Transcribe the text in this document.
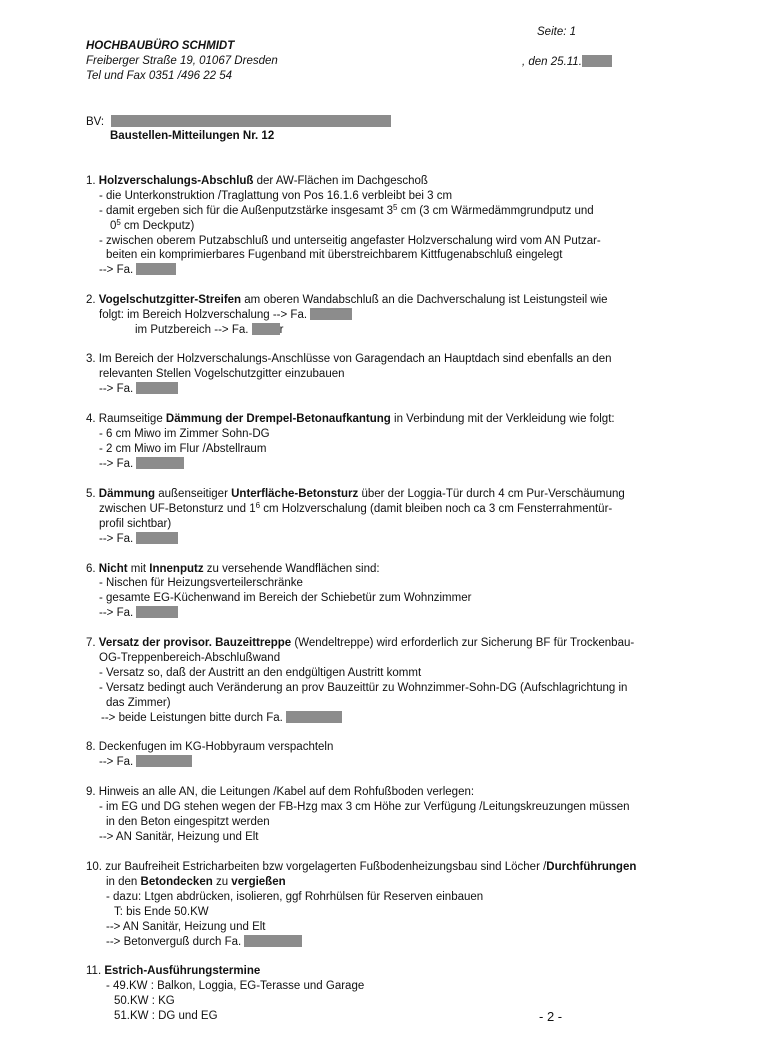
Seite: 1
HOCHBAUBÜRO SCHMIDT
Freiberger Straße 19, 01067 Dresden	, den 25.11.
Tel und Fax 0351 /496 22 54
BV:
Baustellen-Mitteilungen Nr. 12
1. Holzverschalungs-Abschluß der AW-Flächen im Dachgeschoß
- die Unterkonstruktion /Traglattung von Pos 16.1.6 verbleibt bei 3 cm
- damit ergeben sich für die Außenputzstärke insgesamt $3^5$ cm (3 cm Wärmedämmgrundputz und
$0^5$ cm Deckputz)
- zwischen oberem Putzabschluß und unterseitig angefaster Holzverschalung wird vom AN Putzar-
beiten ein komprimierbares Fugenband mit überstreichbarem Kittfugenabschluß eingelegt
--> Fa.
2. Vogelschutzgitter-Streifen am oberen Wandabschluß an die Dachverschalung ist Leistungsteil wie
folgt: im Bereich Holzverschalung --> Fa.
im Putzbereich --> Fa.	r
3. Im Bereich der Holzverschalungs-Anschlüsse von Garagendach an Hauptdach sind ebenfalls an den
relevanten Stellen Vogelschutzgitter einzubauen
--> Fa.
4. Raumseitige Dämmung der Drempel-Betonaufkantung in Verbindung mit der Verkleidung wie folgt:
- 6 cm Miwo im Zimmer Sohn-DG
- 2 cm Miwo im Flur /Abstellraum
--> Fa.
5. Dämmung außenseitiger Unterfläche-Betonsturz über der Loggia-Tür durch 4 cm Pur-Verschäumung
zwischen UF-Betonsturz und $1^6$ cm Holzverschalung (damit bleiben noch ca 3 cm Fensterrahmentür-
profil sichtbar)
--> Fa.
6. Nicht mit Innenputz zu versehende Wandflächen sind:
- Nischen für Heizungsverteilerschränke
- gesamte EG-Küchenwand im Bereich der Schiebetür zum Wohnzimmer
--> Fa.
7. Versatz der provisor. Bauzeittreppe (Wendeltreppe) wird erforderlich zur Sicherung BF für Trockenbau-
OG-Treppenbereich-Abschlußwand
- Versatz so, daß der Austritt an den endgültigen Austritt kommt
- Versatz bedingt auch Veränderung an prov Bauzeittür zu Wohnzimmer-Sohn-DG (Aufschlagrichtung in
das Zimmer)
--> beide Leistungen bitte durch Fa.
8. Deckenfugen im KG-Hobbyraum verspachteln
--> Fa.
9. Hinweis an alle AN, die Leitungen /Kabel auf dem Rohfußboden verlegen:
- im EG und DG stehen wegen der FB-Hzg max 3 cm Höhe zur Verfügung /Leitungskreuzungen müssen
in den Beton eingespitzt werden
--> AN Sanitär, Heizung und Elt
10. zur Baufreiheit Estricharbeiten bzw vorgelagerten Fußbodenheizungsbau sind Löcher /Durchführungen
in den Betondecken zu vergießen
- dazu: Ltgen abdrücken, isolieren, ggf Rohrhülsen für Reserven einbauen
T: bis Ende 50.KW
--> AN Sanitär, Heizung und Elt
--> Betonverguß durch Fa.
11. Estrich-Ausführungstermine
- 49.KW : Balkon, Loggia, EG-Terasse und Garage
50.KW : KG
51.KW : DG und EG	- 2 -
